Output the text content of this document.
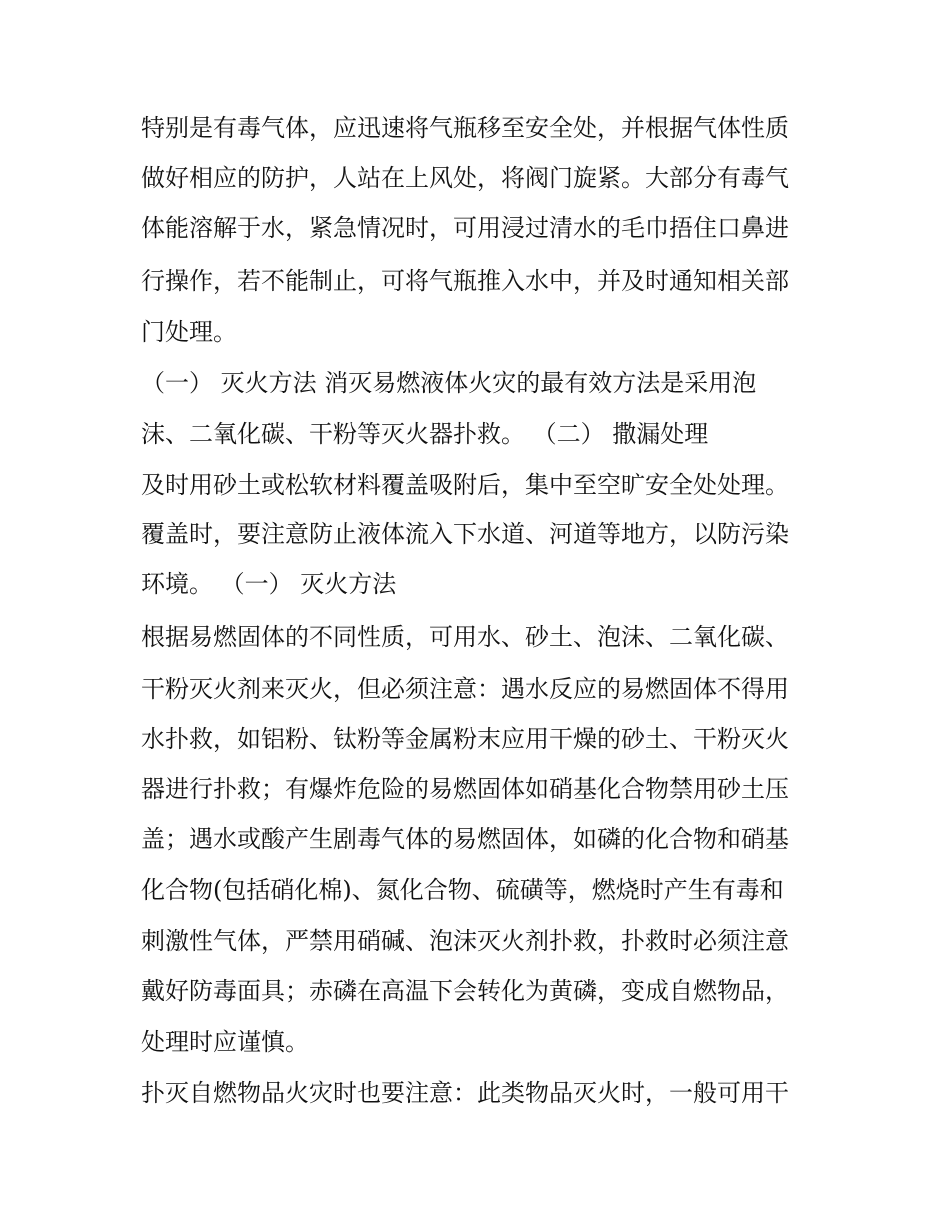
特别是有毒气体，应迅速将气瓶移至安全处，并根据气体性质

做好相应的防护，人站在上风处，将阀门旋紧。大部分有毒气

体能溶解于水，紧急情况时，可用浸过清水的毛巾捂住口鼻进

行操作，若不能制止，可将气瓶推入水中，并及时通知相关部

门处理。

（一） 灭火方法 消灭易燃液体火灾的最有效方法是采用泡

沫、二氧化碳、干粉等灭火器扑救。 （二） 撒漏处理

及时用砂土或松软材料覆盖吸附后，集中至空旷安全处处理。

覆盖时，要注意防止液体流入下水道、河道等地方，以防污染

环境。 （一） 灭火方法

根据易燃固体的不同性质，可用水、砂土、泡沫、二氧化碳、

干粉灭火剂来灭火，但必须注意：遇水反应的易燃固体不得用

水扑救，如铝粉、钛粉等金属粉末应用干燥的砂土、干粉灭火

器进行扑救；有爆炸危险的易燃固体如硝基化合物禁用砂土压

盖；遇水或酸产生剧毒气体的易燃固体，如磷的化合物和硝基

化合物(包括硝化棉)、氮化合物、硫磺等，燃烧时产生有毒和

刺激性气体，严禁用硝碱、泡沫灭火剂扑救，扑救时必须注意

戴好防毒面具；赤磷在高温下会转化为黄磷，变成自燃物品，

处理时应谨慎。

扑灭自燃物品火灾时也要注意：此类物品灭火时，一般可用干
